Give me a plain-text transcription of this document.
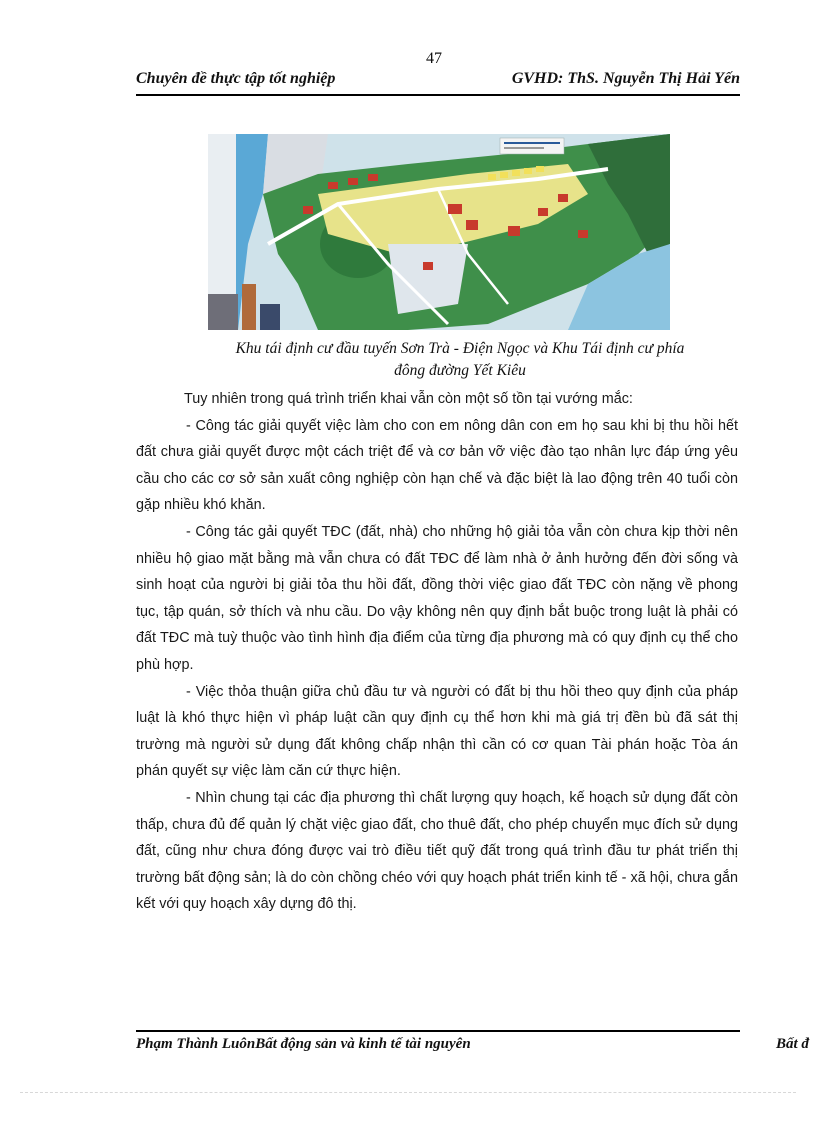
47
Chuyên đề thực tập tốt nghiệp	GVHD: ThS. Nguyễn Thị Hải Yến
Khu tái định cư đầu tuyến Sơn Trà - Điện Ngọc và Khu Tái định cư phía
đông đường Yết Kiêu

Tuy nhiên trong quá trình triển khai vẫn còn một số tồn tại vướng mắc:

- Công tác giải quyết việc làm cho con em nông dân con em họ sau khi bị thu hồi hết đất chưa giải quyết được một cách triệt để và cơ bản vỡ việc đào tạo nhân lực đáp ứng yêu cầu cho các cơ sở sản xuất công nghiệp còn hạn chế và đặc biệt là lao động trên 40 tuổi còn gặp nhiều khó khăn.

- Công tác gải quyết TĐC (đất, nhà) cho những hộ giải tỏa vẫn còn chưa kịp thời nên nhiều hộ giao mặt bằng mà vẫn chưa có đất TĐC để làm nhà ở ảnh hưởng đến đời sống và sinh hoạt của người bị giải tỏa thu hồi đất, đồng thời việc giao đất TĐC còn nặng về phong tục, tập quán, sở thích và nhu cầu. Do vậy không nên quy định bắt buộc trong luật là phải có đất TĐC mà tuỳ thuộc vào tình hình địa điểm của từng địa phương mà có quy định cụ thể cho phù hợp.

- Việc thỏa thuận giữa chủ đầu tư và người có đất bị thu hồi theo quy định của pháp luật là khó thực hiện vì pháp luật cần quy định cụ thể hơn khi mà giá trị đền bù đã sát thị trường mà người sử dụng đất không chấp nhận thì cần có cơ quan Tài phán hoặc Tòa án phán quyết sự việc làm căn cứ thực hiện.

- Nhìn chung tại các địa phương thì chất lượng quy hoạch, kế hoạch sử dụng đất còn thấp, chưa đủ để quản lý chặt việc giao đất, cho thuê đất, cho phép chuyển mục đích sử dụng đất, cũng như chưa đóng được vai trò điều tiết quỹ đất trong quá trình đầu tư phát triển thị trường bất động sản; là do còn chồng chéo với quy hoạch phát triển kinh tế - xã hội, chưa gắn kết với quy hoạch xây dựng đô thị.

Phạm Thành LuônBất động sản và kinh tế tài nguyên	Bất đ
